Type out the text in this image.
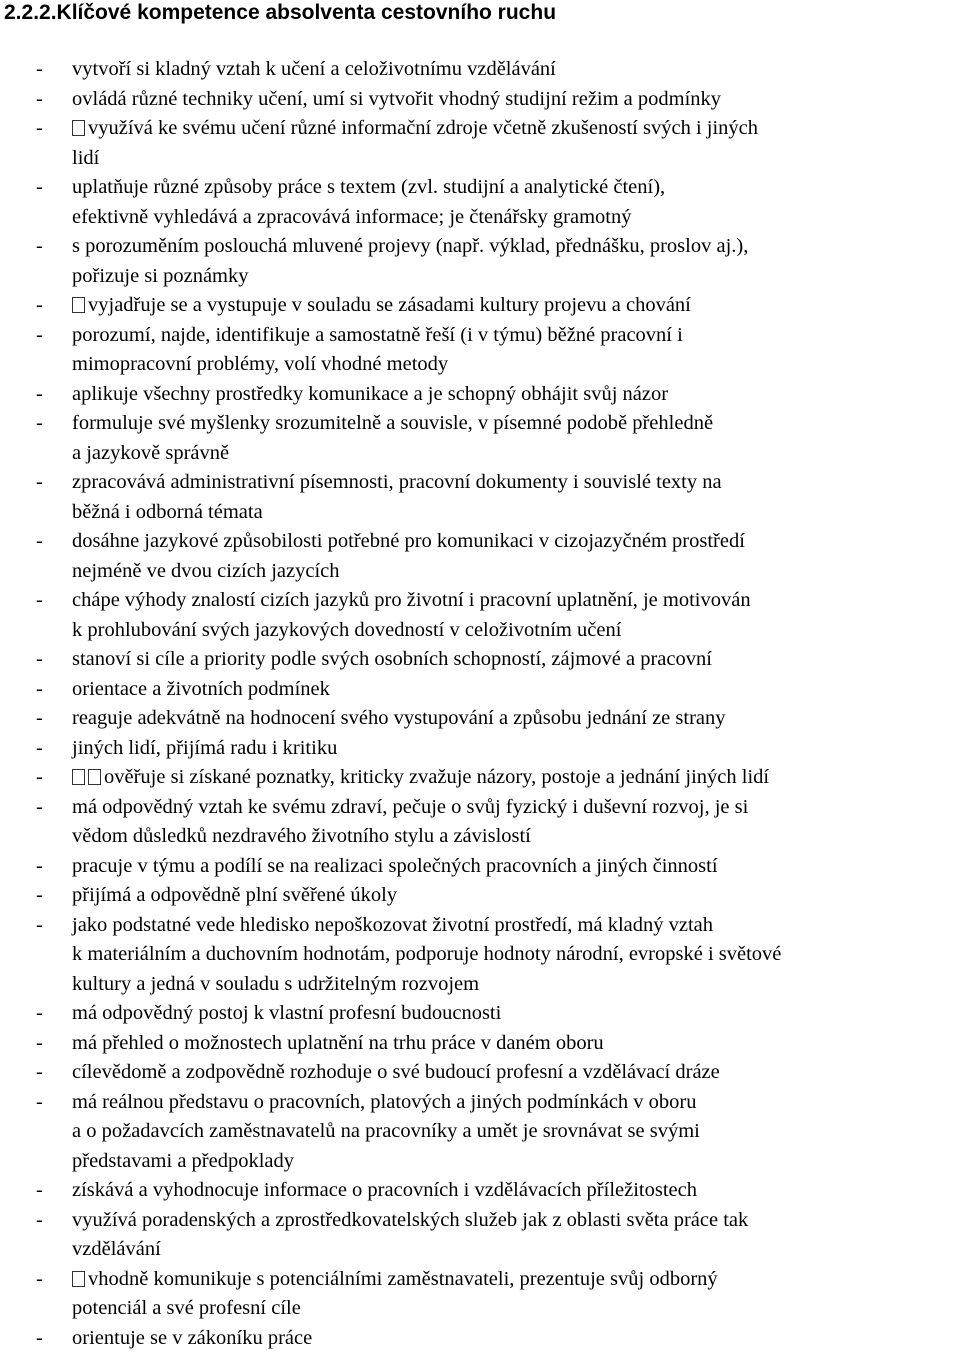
2.2.2.Klíčové kompetence absolventa cestovního ruchu
- vytvoří si kladný vztah k učení a celoživotnímu vzdělávání
- ovládá různé techniky učení, umí si vytvořit vhodný studijní režim a podmínky
-	využívá ke svému učení různé informační zdroje včetně zkušeností svých i jiných
lidí
- uplatňuje různé způsoby práce s textem (zvl. studijní a analytické čtení),
efektivně vyhledává a zpracovává informace; je čtenářsky gramotný
- s porozuměním poslouchá mluvené projevy (např. výklad, přednášku, proslov aj.),
pořizuje si poznámky
-	vyjadřuje se a vystupuje v souladu se zásadami kultury projevu a chování
- porozumí, najde, identifikuje a samostatně řeší (i v týmu) běžné pracovní i
mimopracovní problémy, volí vhodné metody
- aplikuje všechny prostředky komunikace a je schopný obhájit svůj názor
- formuluje své myšlenky srozumitelně a souvisle, v písemné podobě přehledně
a jazykově správně
- zpracovává administrativní písemnosti, pracovní dokumenty i souvislé texty na
běžná i odborná témata
- dosáhne jazykové způsobilosti potřebné pro komunikaci v cizojazyčném prostředí
nejméně ve dvou cizích jazycích
- chápe výhody znalostí cizích jazyků pro životní i pracovní uplatnění, je motivován
k prohlubování svých jazykových dovedností v celoživotním učení
- stanoví si cíle a priority podle svých osobních schopností, zájmové a pracovní
- orientace a životních podmínek
- reaguje adekvátně na hodnocení svého vystupování a způsobu jednání ze strany
- jiných lidí, přijímá radu i kritiku
-	ověřuje si získané poznatky, kriticky zvažuje názory, postoje a jednání jiných lidí
- má odpovědný vztah ke svému zdraví, pečuje o svůj fyzický i duševní rozvoj, je si
vědom důsledků nezdravého životního stylu a závislostí
- pracuje v týmu a podílí se na realizaci společných pracovních a jiných činností
- přijímá a odpovědně plní svěřené úkoly
- jako podstatné vede hledisko nepoškozovat životní prostředí, má kladný vztah
k materiálním a duchovním hodnotám, podporuje hodnoty národní, evropské i světové
kultury a jedná v souladu s udržitelným rozvojem
- má odpovědný postoj k vlastní profesní budoucnosti
- má přehled o možnostech uplatnění na trhu práce v daném oboru
- cílevědomě a zodpovědně rozhoduje o své budoucí profesní a vzdělávací dráze
- má reálnou představu o pracovních, platových a jiných podmínkách v oboru
a o požadavcích zaměstnavatelů na pracovníky a umět je srovnávat se svými
představami a předpoklady
- získává a vyhodnocuje informace o pracovních i vzdělávacích příležitostech
- využívá poradenských a zprostředkovatelských služeb jak z oblasti světa práce tak
vzdělávání
-	vhodně komunikuje s potenciálními zaměstnavateli, prezentuje svůj odborný
potenciál a své profesní cíle
- orientuje se v zákoníku práce
